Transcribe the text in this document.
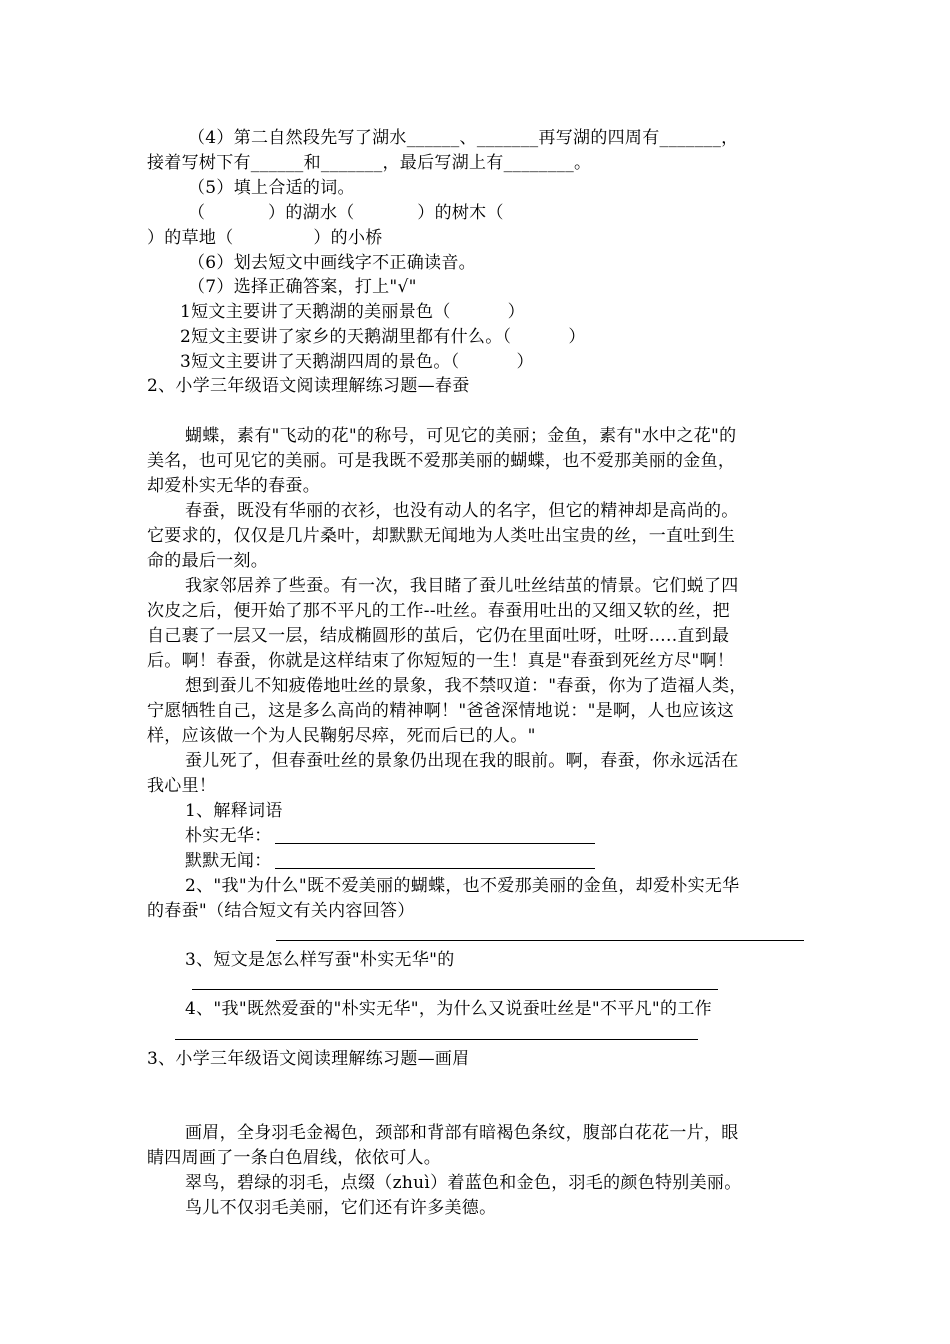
（4）第二自然段先写了湖水______、_______再写湖的四周有_______，
接着写树下有______和_______，最后写湖上有________。
（5）填上合适的词。
（           ）的湖水（           ）的树木（
）的草地（              ）的小桥
（6）划去短文中画线字不正确读音。
（7）选择正确答案，打上"√"
1短文主要讲了天鹅湖的美丽景色（          ）
2短文主要讲了家乡的天鹅湖里都有什么。（          ）
3短文主要讲了天鹅湖四周的景色。（          ）
2、小学三年级语文阅读理解练习题—春蚕
蝴蝶，素有"飞动的花"的称号，可见它的美丽；金鱼，素有"水中之花"的
美名，也可见它的美丽。可是我既不爱那美丽的蝴蝶，也不爱那美丽的金鱼，
却爱朴实无华的春蚕。
春蚕，既没有华丽的衣衫，也没有动人的名字，但它的精神却是高尚的。
它要求的，仅仅是几片桑叶，却默默无闻地为人类吐出宝贵的丝，一直吐到生
命的最后一刻。
我家邻居养了些蚕。有一次，我目睹了蚕儿吐丝结茧的情景。它们蜕了四
次皮之后，便开始了那不平凡的工作--吐丝。春蚕用吐出的又细又软的丝，把
自己裹了一层又一层，结成椭圆形的茧后，它仍在里面吐呀，吐呀…..直到最
后。啊！春蚕，你就是这样结束了你短短的一生！真是"春蚕到死丝方尽"啊！
想到蚕儿不知疲倦地吐丝的景象，我不禁叹道："春蚕，你为了造福人类，
宁愿牺牲自己，这是多么高尚的精神啊！"爸爸深情地说："是啊，人也应该这
样，应该做一个为人民鞠躬尽瘁，死而后已的人。"
蚕儿死了，但春蚕吐丝的景象仍出现在我的眼前。啊，春蚕，你永远活在
我心里！
1、解释词语
朴实无华：
默默无闻：
2、"我"为什么"既不爱美丽的蝴蝶，也不爱那美丽的金鱼，却爱朴实无华
的春蚕"（结合短文有关内容回答）
3、短文是怎么样写蚕"朴实无华"的
4、"我"既然爱蚕的"朴实无华"，为什么又说蚕吐丝是"不平凡"的工作
3、小学三年级语文阅读理解练习题—画眉
画眉，全身羽毛金褐色，颈部和背部有暗褐色条纹，腹部白花花一片，眼
睛四周画了一条白色眉线，依依可人。
翠鸟，碧绿的羽毛，点缀（zhuì）着蓝色和金色，羽毛的颜色特别美丽。
鸟儿不仅羽毛美丽，它们还有许多美德。
